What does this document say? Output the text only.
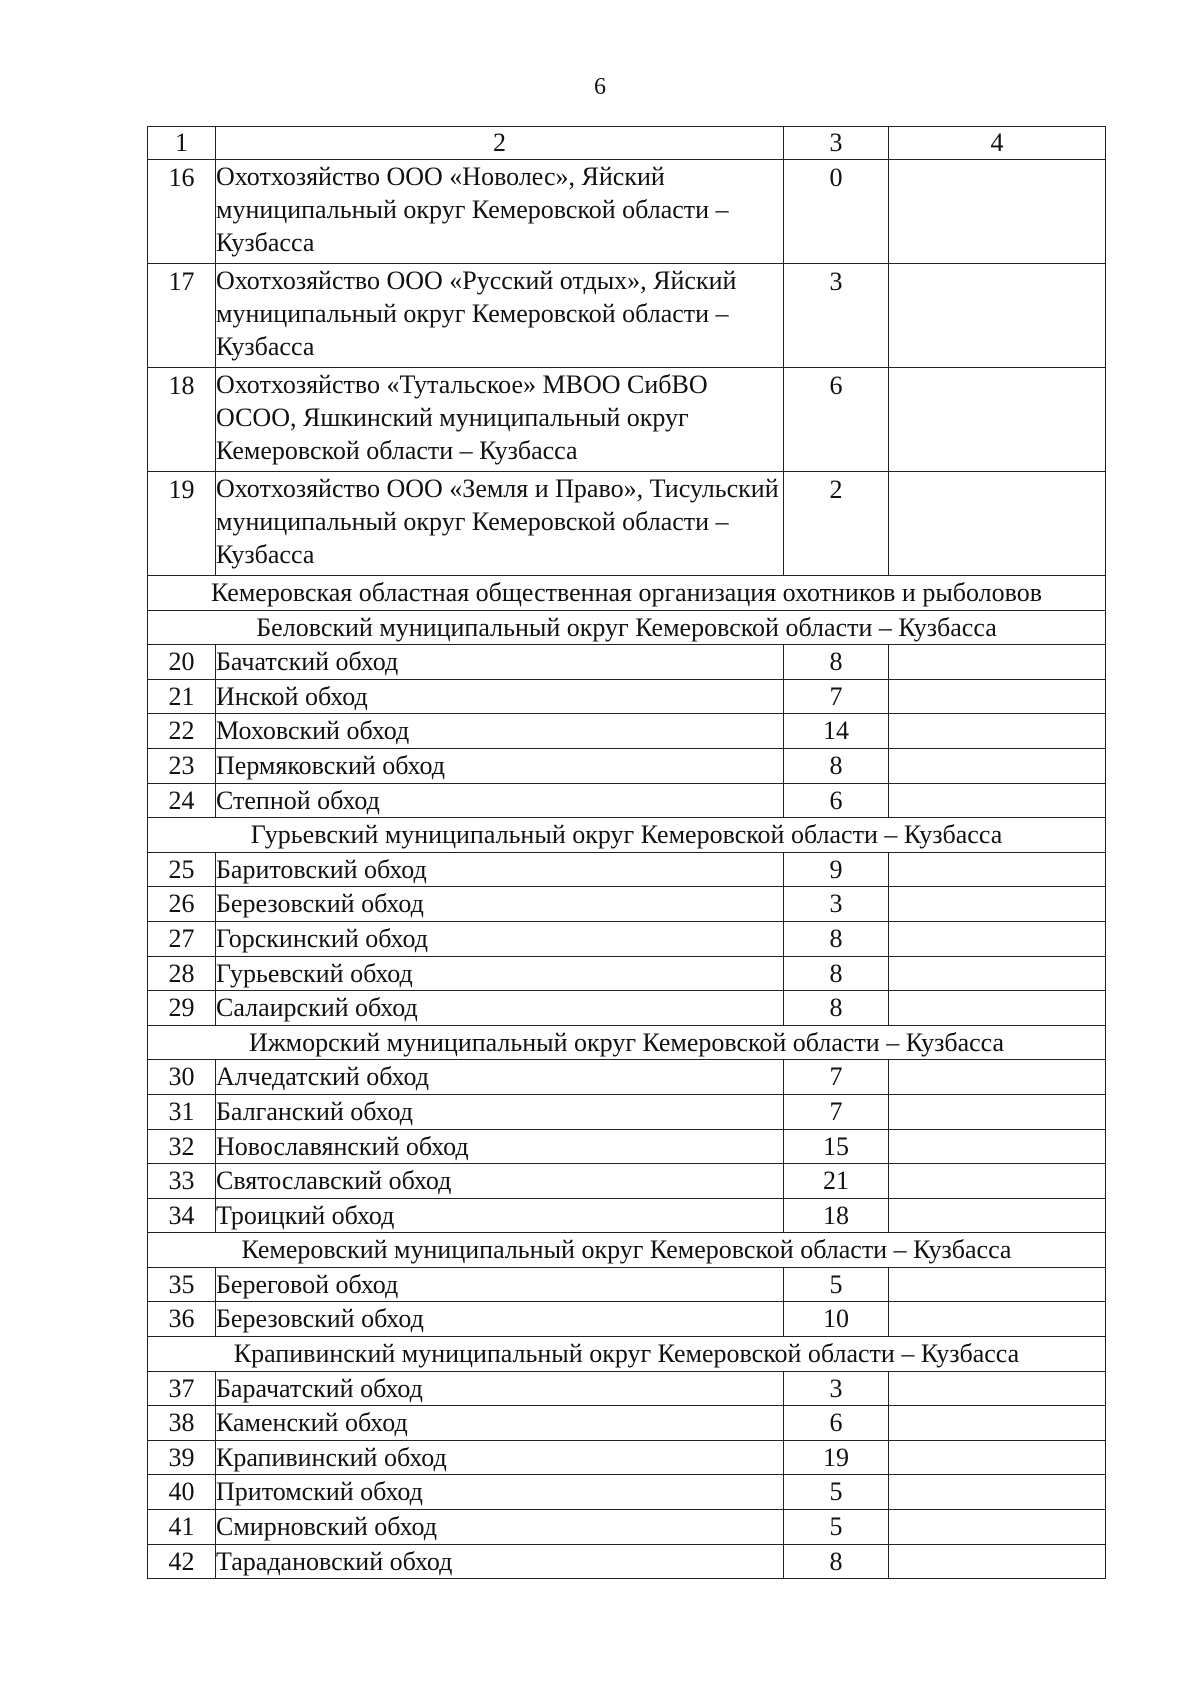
6
1	2	3	4
16	Охотхозяйство ООО «Новолес», Яйский муниципальный округ Кемеровской области – Кузбасса	0	
17	Охотхозяйство ООО «Русский отдых», Яйский муниципальный округ Кемеровской области – Кузбасса	3	
18	Охотхозяйство «Тутальское» МВОО СибВО ОСОО, Яшкинский муниципальный округ Кемеровской области – Кузбасса	6	
19	Охотхозяйство ООО «Земля и Право», Тисульский муниципальный округ Кемеровской области – Кузбасса	2	
Кемеровская областная общественная организация охотников и рыболовов			
Беловский муниципальный округ Кемеровской области – Кузбасса			
20	Бачатский обход	8	
21	Инской обход	7	
22	Моховский обход	14	
23	Пермяковский обход	8	
24	Степной обход	6	
Гурьевский муниципальный округ Кемеровской области – Кузбасса			
25	Баритовский обход	9	
26	Березовский обход	3	
27	Горскинский обход	8	
28	Гурьевский обход	8	
29	Салаирский обход	8	
Ижморский муниципальный округ Кемеровской области – Кузбасса			
30	Алчедатский обход	7	
31	Балганский обход	7	
32	Новославянский обход	15	
33	Святославский обход	21	
34	Троицкий обход	18	
Кемеровский муниципальный округ Кемеровской области – Кузбасса			
35	Береговой обход	5	
36	Березовский обход	10	
Крапивинский муниципальный округ Кемеровской области – Кузбасса			
37	Барачатский обход	3	
38	Каменский обход	6	
39	Крапивинский обход	19	
40	Притомский обход	5	
41	Смирновский обход	5	
42	Тарадановский обход	8	
